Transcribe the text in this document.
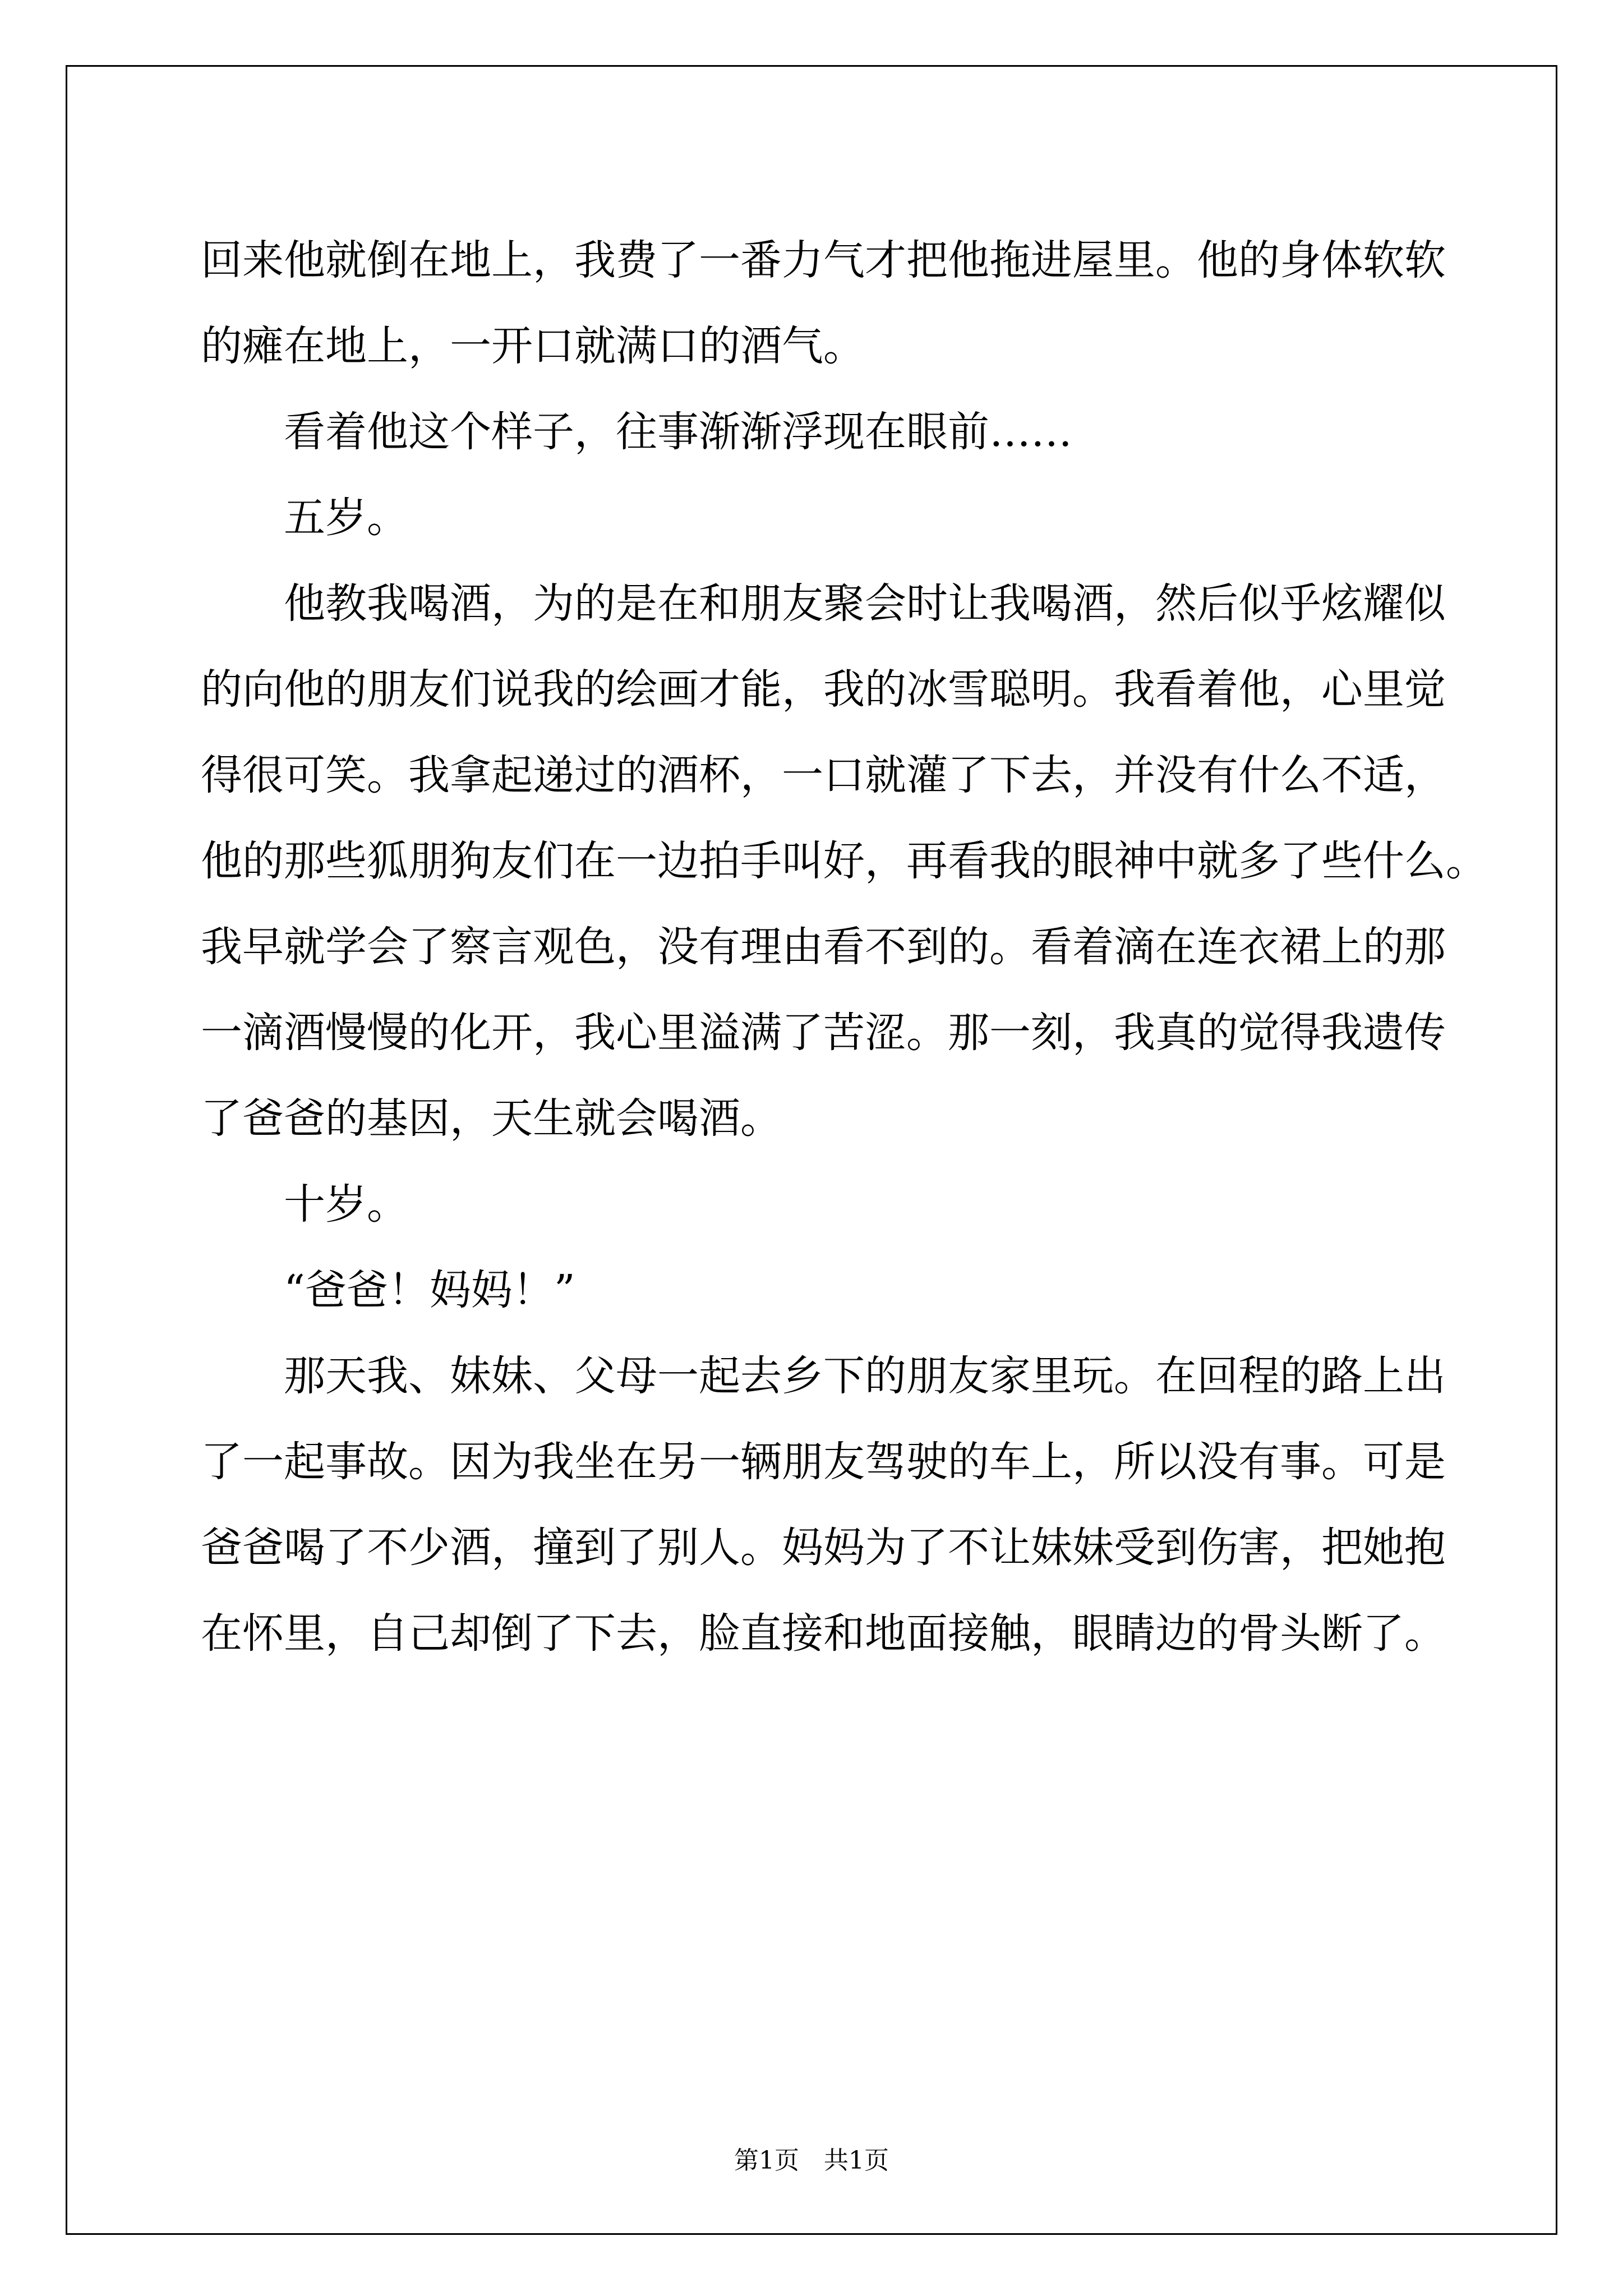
回来他就倒在地上，我费了一番力气才把他拖进屋里。他的身体软软
的瘫在地上，一开口就满口的酒气。
看着他这个样子，往事渐渐浮现在眼前……
五岁。
他教我喝酒，为的是在和朋友聚会时让我喝酒，然后似乎炫耀似
的向他的朋友们说我的绘画才能，我的冰雪聪明。我看着他，心里觉
得很可笑。我拿起递过的酒杯，一口就灌了下去，并没有什么不适，
他的那些狐朋狗友们在一边拍手叫好，再看我的眼神中就多了些什么。
我早就学会了察言观色，没有理由看不到的。看着滴在连衣裙上的那
一滴酒慢慢的化开，我心里溢满了苦涩。那一刻，我真的觉得我遗传
了爸爸的基因，天生就会喝酒。
十岁。
“爸爸！妈妈！”
那天我、妹妹、父母一起去乡下的朋友家里玩。在回程的路上出
了一起事故。因为我坐在另一辆朋友驾驶的车上，所以没有事。可是
爸爸喝了不少酒，撞到了别人。妈妈为了不让妹妹受到伤害，把她抱
在怀里，自己却倒了下去，脸直接和地面接触，眼睛边的骨头断了。
第1页　共1页
